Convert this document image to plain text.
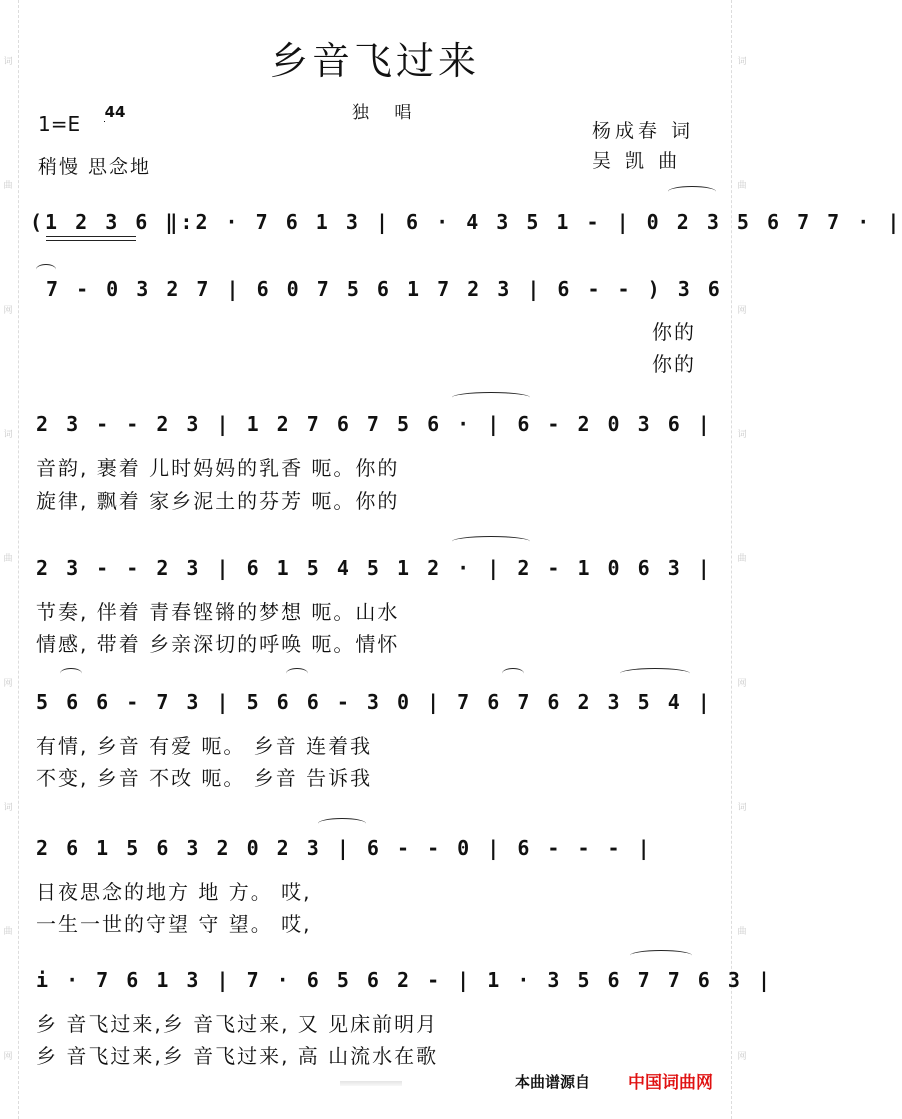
词
曲
网
词
曲
网
词
曲
网
词
曲
网
词
曲
网
词
曲
网
乡音飞过来
独 唱
1=E 4
4
稍慢 思念地
杨成春 词
吴 凯 曲
(1 2 3 6 ‖:2 · 7 6 1 3 | 6 · 4 3 5 1 - | 0 2 3 5 6 7 7 · |
7 - 0 3 2 7 | 6 0 7 5 6 1 7 2 3 | 6 - - ) 3 6
你的
你的
2 3 - - 2 3 | 1 2 7 6 7 5 6 · | 6 - 2 0 3 6 |
音韵, 裹着 儿时妈妈的乳香 呃。你的
旋律, 飘着 家乡泥土的芬芳 呃。你的
2 3 - - 2 3 | 6 1 5 4 5 1 2 · | 2 - 1 0 6 3 |
节奏, 伴着 青春铿锵的梦想 呃。山水
情感, 带着 乡亲深切的呼唤 呃。情怀
5 6 6 - 7 3 | 5 6 6 - 3 0 | 7 6 7 6 2 3 5 4 |
有情, 乡音 有爱 呃。 乡音 连着我
不变, 乡音 不改 呃。 乡音 告诉我
2 6 1 5 6 3 2 0 2 3 | 6 - - 0 | 6 - - - |
日夜思念的地方 地 方。 哎,
一生一世的守望 守 望。 哎,
i · 7 6 1 3 | 7 · 6 5 6 2 - | 1 · 3 5 6 7 7 6 3 |
乡 音飞过来,乡 音飞过来, 又 见床前明月
乡 音飞过来,乡 音飞过来, 高 山流水在歌
本曲谱源自 中国词曲网
